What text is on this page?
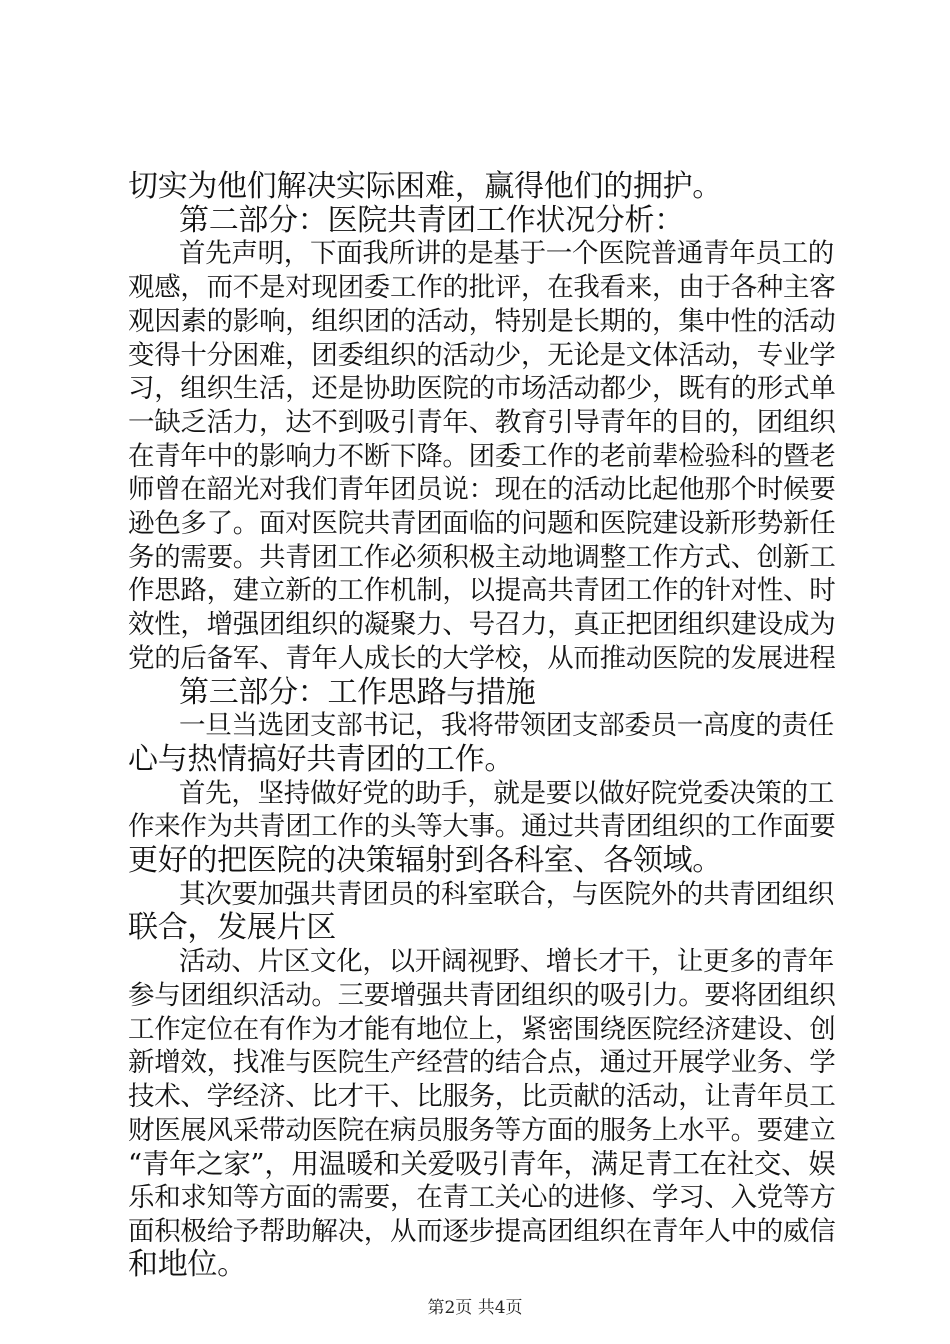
切实为他们解决实际困难，赢得他们的拥护。
第二部分：医院共青团工作状况分析：
首先声明，下面我所讲的是基于一个医院普通青年员工的
观感，而不是对现团委工作的批评，在我看来，由于各种主客
观因素的影响，组织团的活动，特别是长期的，集中性的活动
变得十分困难，团委组织的活动少，无论是文体活动，专业学
习，组织生活，还是协助医院的市场活动都少，既有的形式单
一缺乏活力，达不到吸引青年、教育引导青年的目的，团组织
在青年中的影响力不断下降。团委工作的老前辈检验科的暨老
师曾在韶光对我们青年团员说：现在的活动比起他那个时候要
逊色多了。面对医院共青团面临的问题和医院建设新形势新任
务的需要。共青团工作必须积极主动地调整工作方式、创新工
作思路，建立新的工作机制，以提高共青团工作的针对性、时
效性，增强团组织的凝聚力、号召力，真正把团组织建设成为
党的后备军、青年人成长的大学校，从而推动医院的发展进程
第三部分：工作思路与措施
一旦当选团支部书记，我将带领团支部委员一高度的责任
心与热情搞好共青团的工作。
首先，坚持做好党的助手，就是要以做好院党委决策的工
作来作为共青团工作的头等大事。通过共青团组织的工作面要
更好的把医院的决策辐射到各科室、各领域。
其次要加强共青团员的科室联合，与医院外的共青团组织
联合，发展片区
活动、片区文化，以开阔视野、增长才干，让更多的青年
参与团组织活动。三要增强共青团组织的吸引力。要将团组织
工作定位在有作为才能有地位上，紧密围绕医院经济建设、创
新增效，找准与医院生产经营的结合点，通过开展学业务、学
技术、学经济、比才干、比服务，比贡献的活动，让青年员工
财医展风采带动医院在病员服务等方面的服务上水平。要建立
“青年之家”，用温暖和关爱吸引青年，满足青工在社交、娱
乐和求知等方面的需要，在青工关心的进修、学习、入党等方
面积极给予帮助解决，从而逐步提高团组织在青年人中的威信
和地位。
第2页 共4页
